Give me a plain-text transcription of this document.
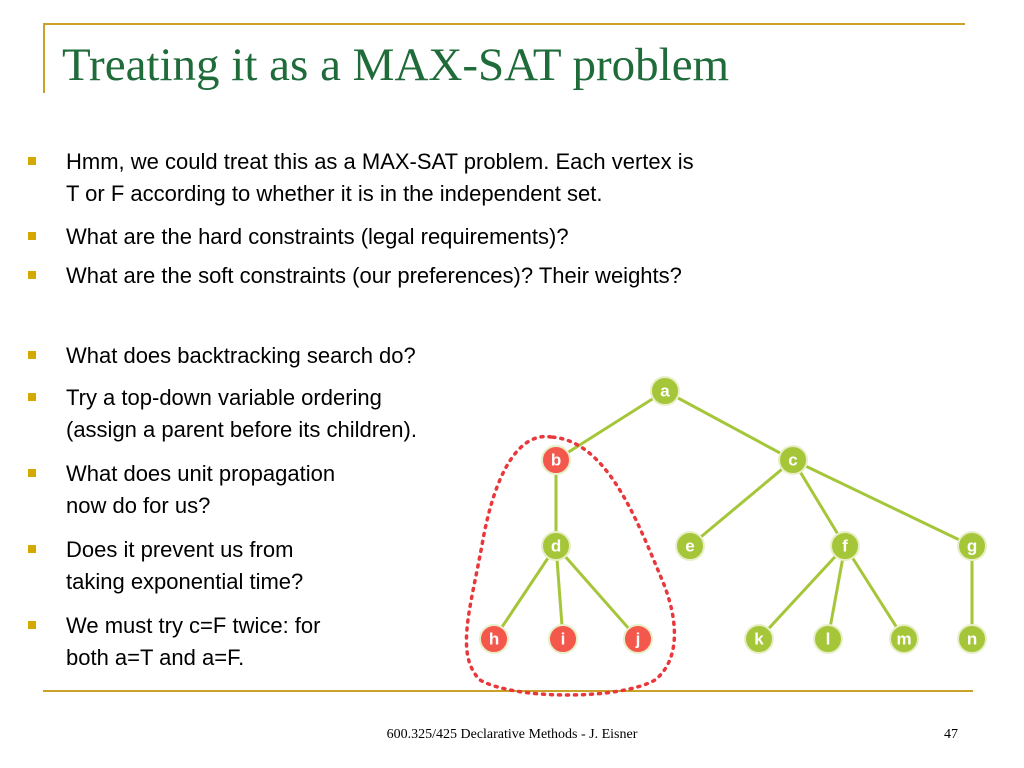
Treating it as a MAX-SAT problem
Hmm, we could treat this as a MAX-SAT problem. Each vertex is
T or F according to whether it is in the independent set.
What are the hard constraints (legal requirements)?
What are the soft constraints (our preferences)? Their weights?
What does backtracking search do?
Try a top-down variable ordering
(assign a parent before its children).
What does unit propagation
now do for us?
Does it prevent us from
taking exponential time?
We must try c=F twice: for
both a=T and a=F.
a
b	c
d	e	f	g
h	i	j	k	l	m	n
600.325/425 Declarative Methods - J. Eisner	47
